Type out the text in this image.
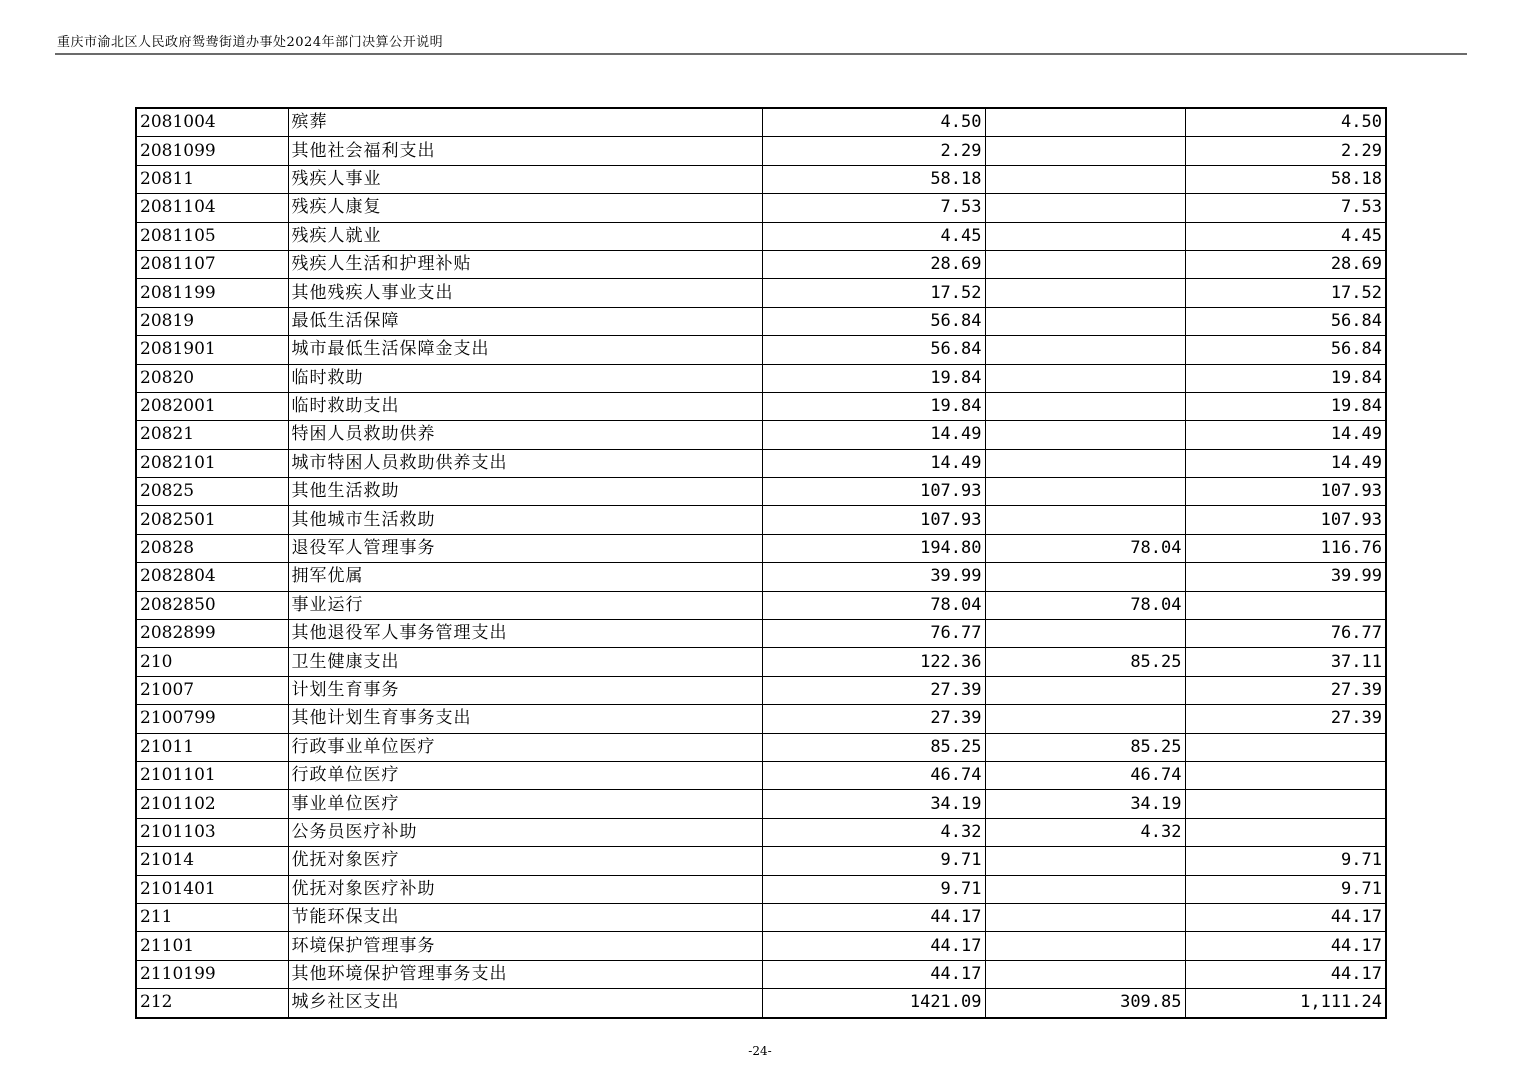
重庆市渝北区人民政府鸳鸯街道办事处2024年部门决算公开说明
2081004	殡葬	4.50		4.50
2081099	其他社会福利支出	2.29		2.29
20811	残疾人事业	58.18		58.18
2081104	残疾人康复	7.53		7.53
2081105	残疾人就业	4.45		4.45
2081107	残疾人生活和护理补贴	28.69		28.69
2081199	其他残疾人事业支出	17.52		17.52
20819	最低生活保障	56.84		56.84
2081901	城市最低生活保障金支出	56.84		56.84
20820	临时救助	19.84		19.84
2082001	临时救助支出	19.84		19.84
20821	特困人员救助供养	14.49		14.49
2082101	城市特困人员救助供养支出	14.49		14.49
20825	其他生活救助	107.93		107.93
2082501	其他城市生活救助	107.93		107.93
20828	退役军人管理事务	194.80	78.04	116.76
2082804	拥军优属	39.99		39.99
2082850	事业运行	78.04	78.04	
2082899	其他退役军人事务管理支出	76.77		76.77
210	卫生健康支出	122.36	85.25	37.11
21007	计划生育事务	27.39		27.39
2100799	其他计划生育事务支出	27.39		27.39
21011	行政事业单位医疗	85.25	85.25	
2101101	行政单位医疗	46.74	46.74	
2101102	事业单位医疗	34.19	34.19	
2101103	公务员医疗补助	4.32	4.32	
21014	优抚对象医疗	9.71		9.71
2101401	优抚对象医疗补助	9.71		9.71
211	节能环保支出	44.17		44.17
21101	环境保护管理事务	44.17		44.17
2110199	其他环境保护管理事务支出	44.17		44.17
212	城乡社区支出	1421.09	309.85	1,111.24
-24-
